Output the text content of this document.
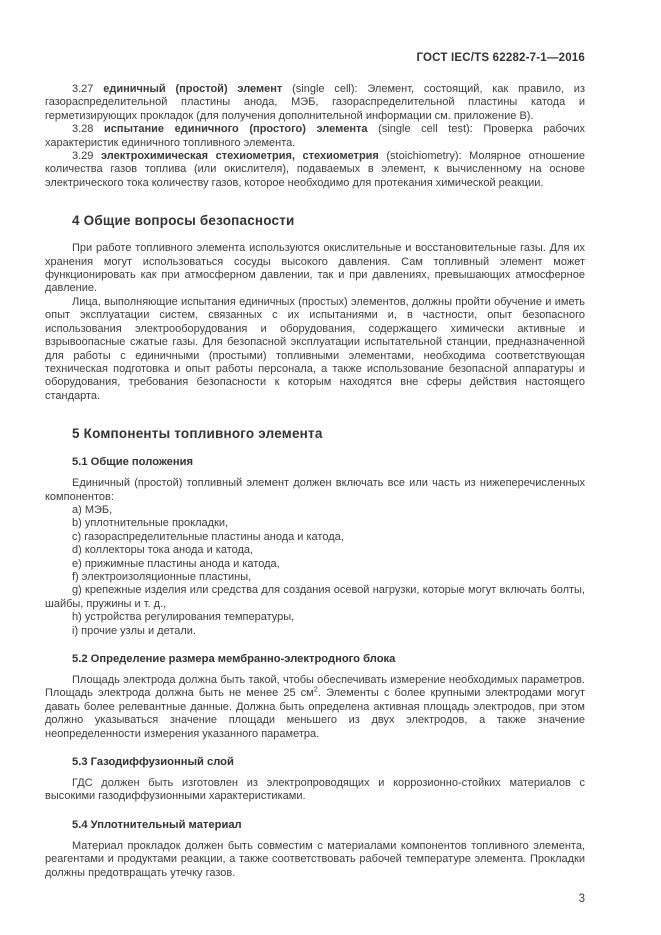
ГОСТ IEC/TS 62282-7-1—2016

3.27 единичный (простой) элемент (single cell): Элемент, состоящий, как правило, из газораспределительной пластины анода, МЭБ, газораспределительной пластины катода и герметизирующих прокладок (для получения дополнительной информации см. приложение B).

3.28 испытание единичного (простого) элемента (single cell test): Проверка рабочих характеристик единичного топливного элемента.

3.29 электрохимическая стехиометрия, стехиометрия (stoichiometry): Молярное отношение количества газов топлива (или окислителя), подаваемых в элемент, к вычисленному на основе электрического тока количеству газов, которое необходимо для протекания химической реакции.

4 Общие вопросы безопасности

При работе топливного элемента используются окислительные и восстановительные газы. Для их хранения могут использоваться сосуды высокого давления. Сам топливный элемент может функционировать как при атмосферном давлении, так и при давлениях, превышающих атмосферное давление.

Лица, выполняющие испытания единичных (простых) элементов, должны пройти обучение и иметь опыт эксплуатации систем, связанных с их испытаниями и, в частности, опыт безопасного использования электрооборудования и оборудования, содержащего химически активные и взрывоопасные сжатые газы. Для безопасной эксплуатации испытательной станции, предназначенной для работы с единичными (простыми) топливными элементами, необходима соответствующая техническая подготовка и опыт работы персонала, а также использование безопасной аппаратуры и оборудования, требования безопасности к которым находятся вне сферы действия настоящего стандарта.

5 Компоненты топливного элемента
5.1 Общие положения

Единичный (простой) топливный элемент должен включать все или часть из нижеперечисленных компонентов:

a) МЭБ,
b) уплотнительные прокладки,
c) газораспределительные пластины анода и катода,
d) коллекторы тока анода и катода,
e) прижимные пластины анода и катода,
f) электроизоляционные пластины,
g) крепежные изделия или средства для создания осевой нагрузки, которые могут включать болты, шайбы, пружины и т. д.,
h) устройства регулирования температуры,
i) прочие узлы и детали.
5.2 Определение размера мембранно-электродного блока

Площадь электрода должна быть такой, чтобы обеспечивать измерение необходимых параметров. Площадь электрода должна быть не менее 25 $см^2$. Элементы с более крупными электродами могут давать более релевантные данные. Должна быть определена активная площадь электродов, при этом должно указываться значение площади меньшего из двух электродов, а также значение неопределенности измерения указанного параметра.

5.3 Газодиффузионный слой

ГДС должен быть изготовлен из электропроводящих и коррозионно-стойких материалов с высокими газодиффузионными характеристиками.

5.4 Уплотнительный материал

Материал прокладок должен быть совместим с материалами компонентов топливного элемента, реагентами и продуктами реакции, а также соответствовать рабочей температуре элемента. Прокладки должны предотвращать утечку газов.

3
